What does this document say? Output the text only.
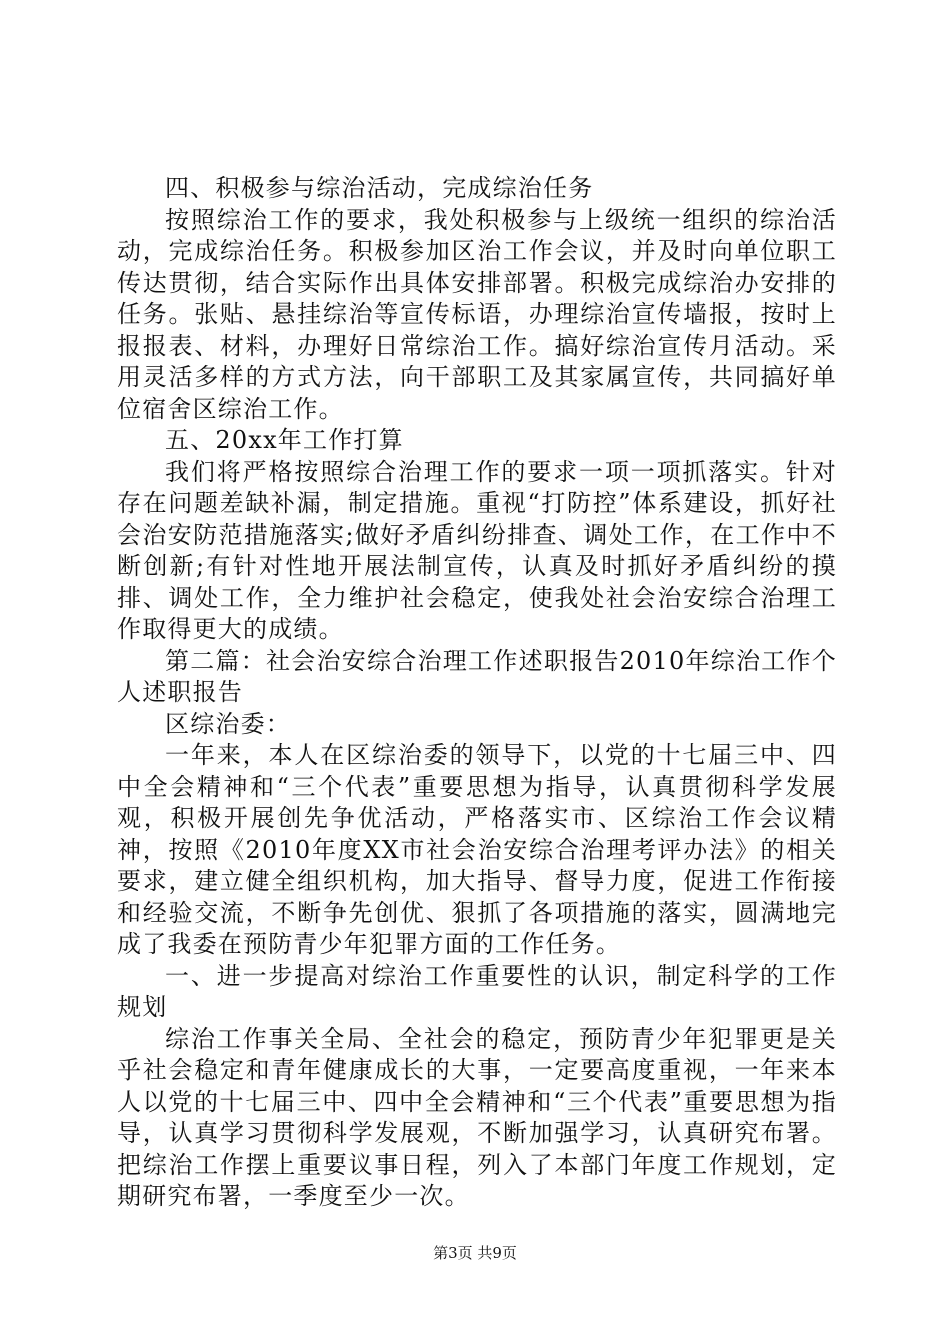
四、积极参与综治活动，完成综治任务

按照综治工作的要求，我处积极参与上级统一组织的综治活动，完成综治任务。积极参加区治工作会议，并及时向单位职工传达贯彻，结合实际作出具体安排部署。积极完成综治办安排的任务。张贴、悬挂综治等宣传标语，办理综治宣传墙报，按时上报报表、材料，办理好日常综治工作。搞好综治宣传月活动。采用灵活多样的方式方法，向干部职工及其家属宣传，共同搞好单位宿舍区综治工作。

五、20xx年工作打算

我们将严格按照综合治理工作的要求一项一项抓落实。针对存在问题差缺补漏，制定措施。重视“打防控”体系建设，抓好社会治安防范措施落实;做好矛盾纠纷排查、调处工作，在工作中不断创新;有针对性地开展法制宣传，认真及时抓好矛盾纠纷的摸排、调处工作，全力维护社会稳定，使我处社会治安综合治理工作取得更大的成绩。

第二篇：社会治安综合治理工作述职报告2010年综治工作个人述职报告

区综治委：

一年来，本人在区综治委的领导下，以党的十七届三中、四中全会精神和“三个代表”重要思想为指导，认真贯彻科学发展观，积极开展创先争优活动，严格落实市、区综治工作会议精神，按照《2010年度XX市社会治安综合治理考评办法》的相关要求，建立健全组织机构，加大指导、督导力度，促进工作衔接和经验交流，不断争先创优、狠抓了各项措施的落实，圆满地完成了我委在预防青少年犯罪方面的工作任务。

一、进一步提高对综治工作重要性的认识，制定科学的工作规划

综治工作事关全局、全社会的稳定，预防青少年犯罪更是关乎社会稳定和青年健康成长的大事，一定要高度重视，一年来本人以党的十七届三中、四中全会精神和“三个代表”重要思想为指导，认真学习贯彻科学发展观，不断加强学习，认真研究布署。把综治工作摆上重要议事日程，列入了本部门年度工作规划，定期研究布署，一季度至少一次。

第3页 共9页
